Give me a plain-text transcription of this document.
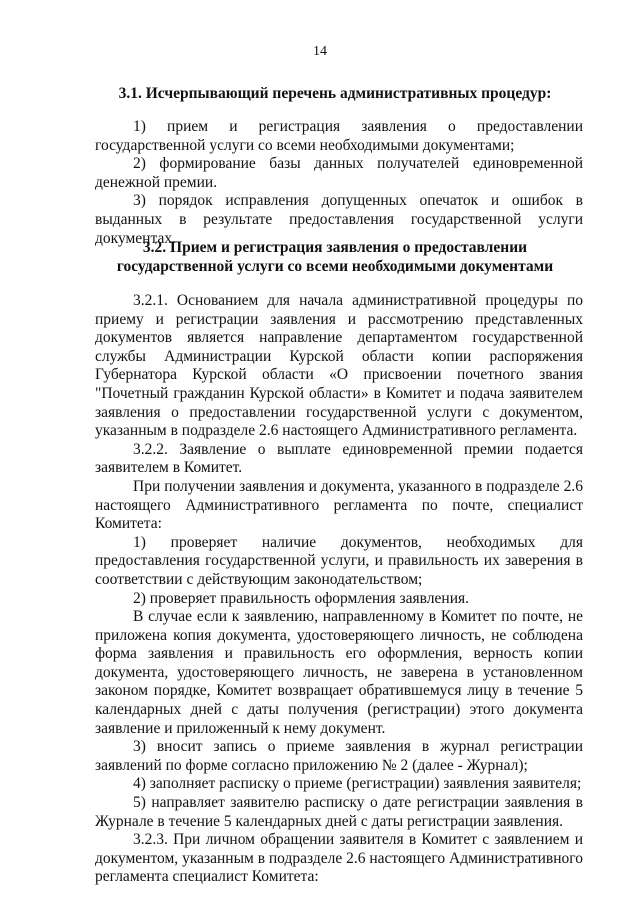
14
3.1. Исчерпывающий перечень административных процедур:

1) прием и регистрация заявления о предоставлении государственной услуги со всеми необходимыми документами;

2) формирование базы данных получателей единовременной денежной премии.

3) порядок исправления допущенных опечаток и ошибок в выданных в результате предоставления государственной услуги документах.

3.2. Прием и регистрация заявления о предоставлении
государственной услуги со всеми необходимыми документами

3.2.1. Основанием для начала административной процедуры по приему и регистрации заявления и рассмотрению представленных документов является направление департаментом государственной службы Администрации Курской области копии распоряжения Губернатора Курской области «О присвоении почетного звания "Почетный гражданин Курской области» в Комитет и подача заявителем заявления о предоставлении государственной услуги с документом, указанным в подразделе 2.6 настоящего Административного регламента.

3.2.2. Заявление о выплате единовременной премии подается заявителем в Комитет.

При получении заявления и документа, указанного в подразделе 2.6 настоящего Административного регламента по почте, специалист Комитета:

1) проверяет наличие документов, необходимых для предоставления государственной услуги, и правильность их заверения в соответствии с действующим законодательством;

2) проверяет правильность оформления заявления.

В случае если к заявлению, направленному в Комитет по почте, не приложена копия документа, удостоверяющего личность, не соблюдена форма заявления и правильность его оформления, верность копии документа, удостоверяющего личность, не заверена в установленном законом порядке, Комитет возвращает обратившемуся лицу в течение 5 календарных дней с даты получения (регистрации) этого документа заявление и приложенный к нему документ.

3) вносит запись о приеме заявления в журнал регистрации заявлений по форме согласно приложению № 2 (далее - Журнал);

4) заполняет расписку о приеме (регистрации) заявления заявителя;

5) направляет заявителю расписку о дате регистрации заявления в Журнале в течение 5 календарных дней с даты регистрации заявления.

3.2.3. При личном обращении заявителя в Комитет с заявлением и документом, указанным в подразделе 2.6 настоящего Административного регламента специалист Комитета:
